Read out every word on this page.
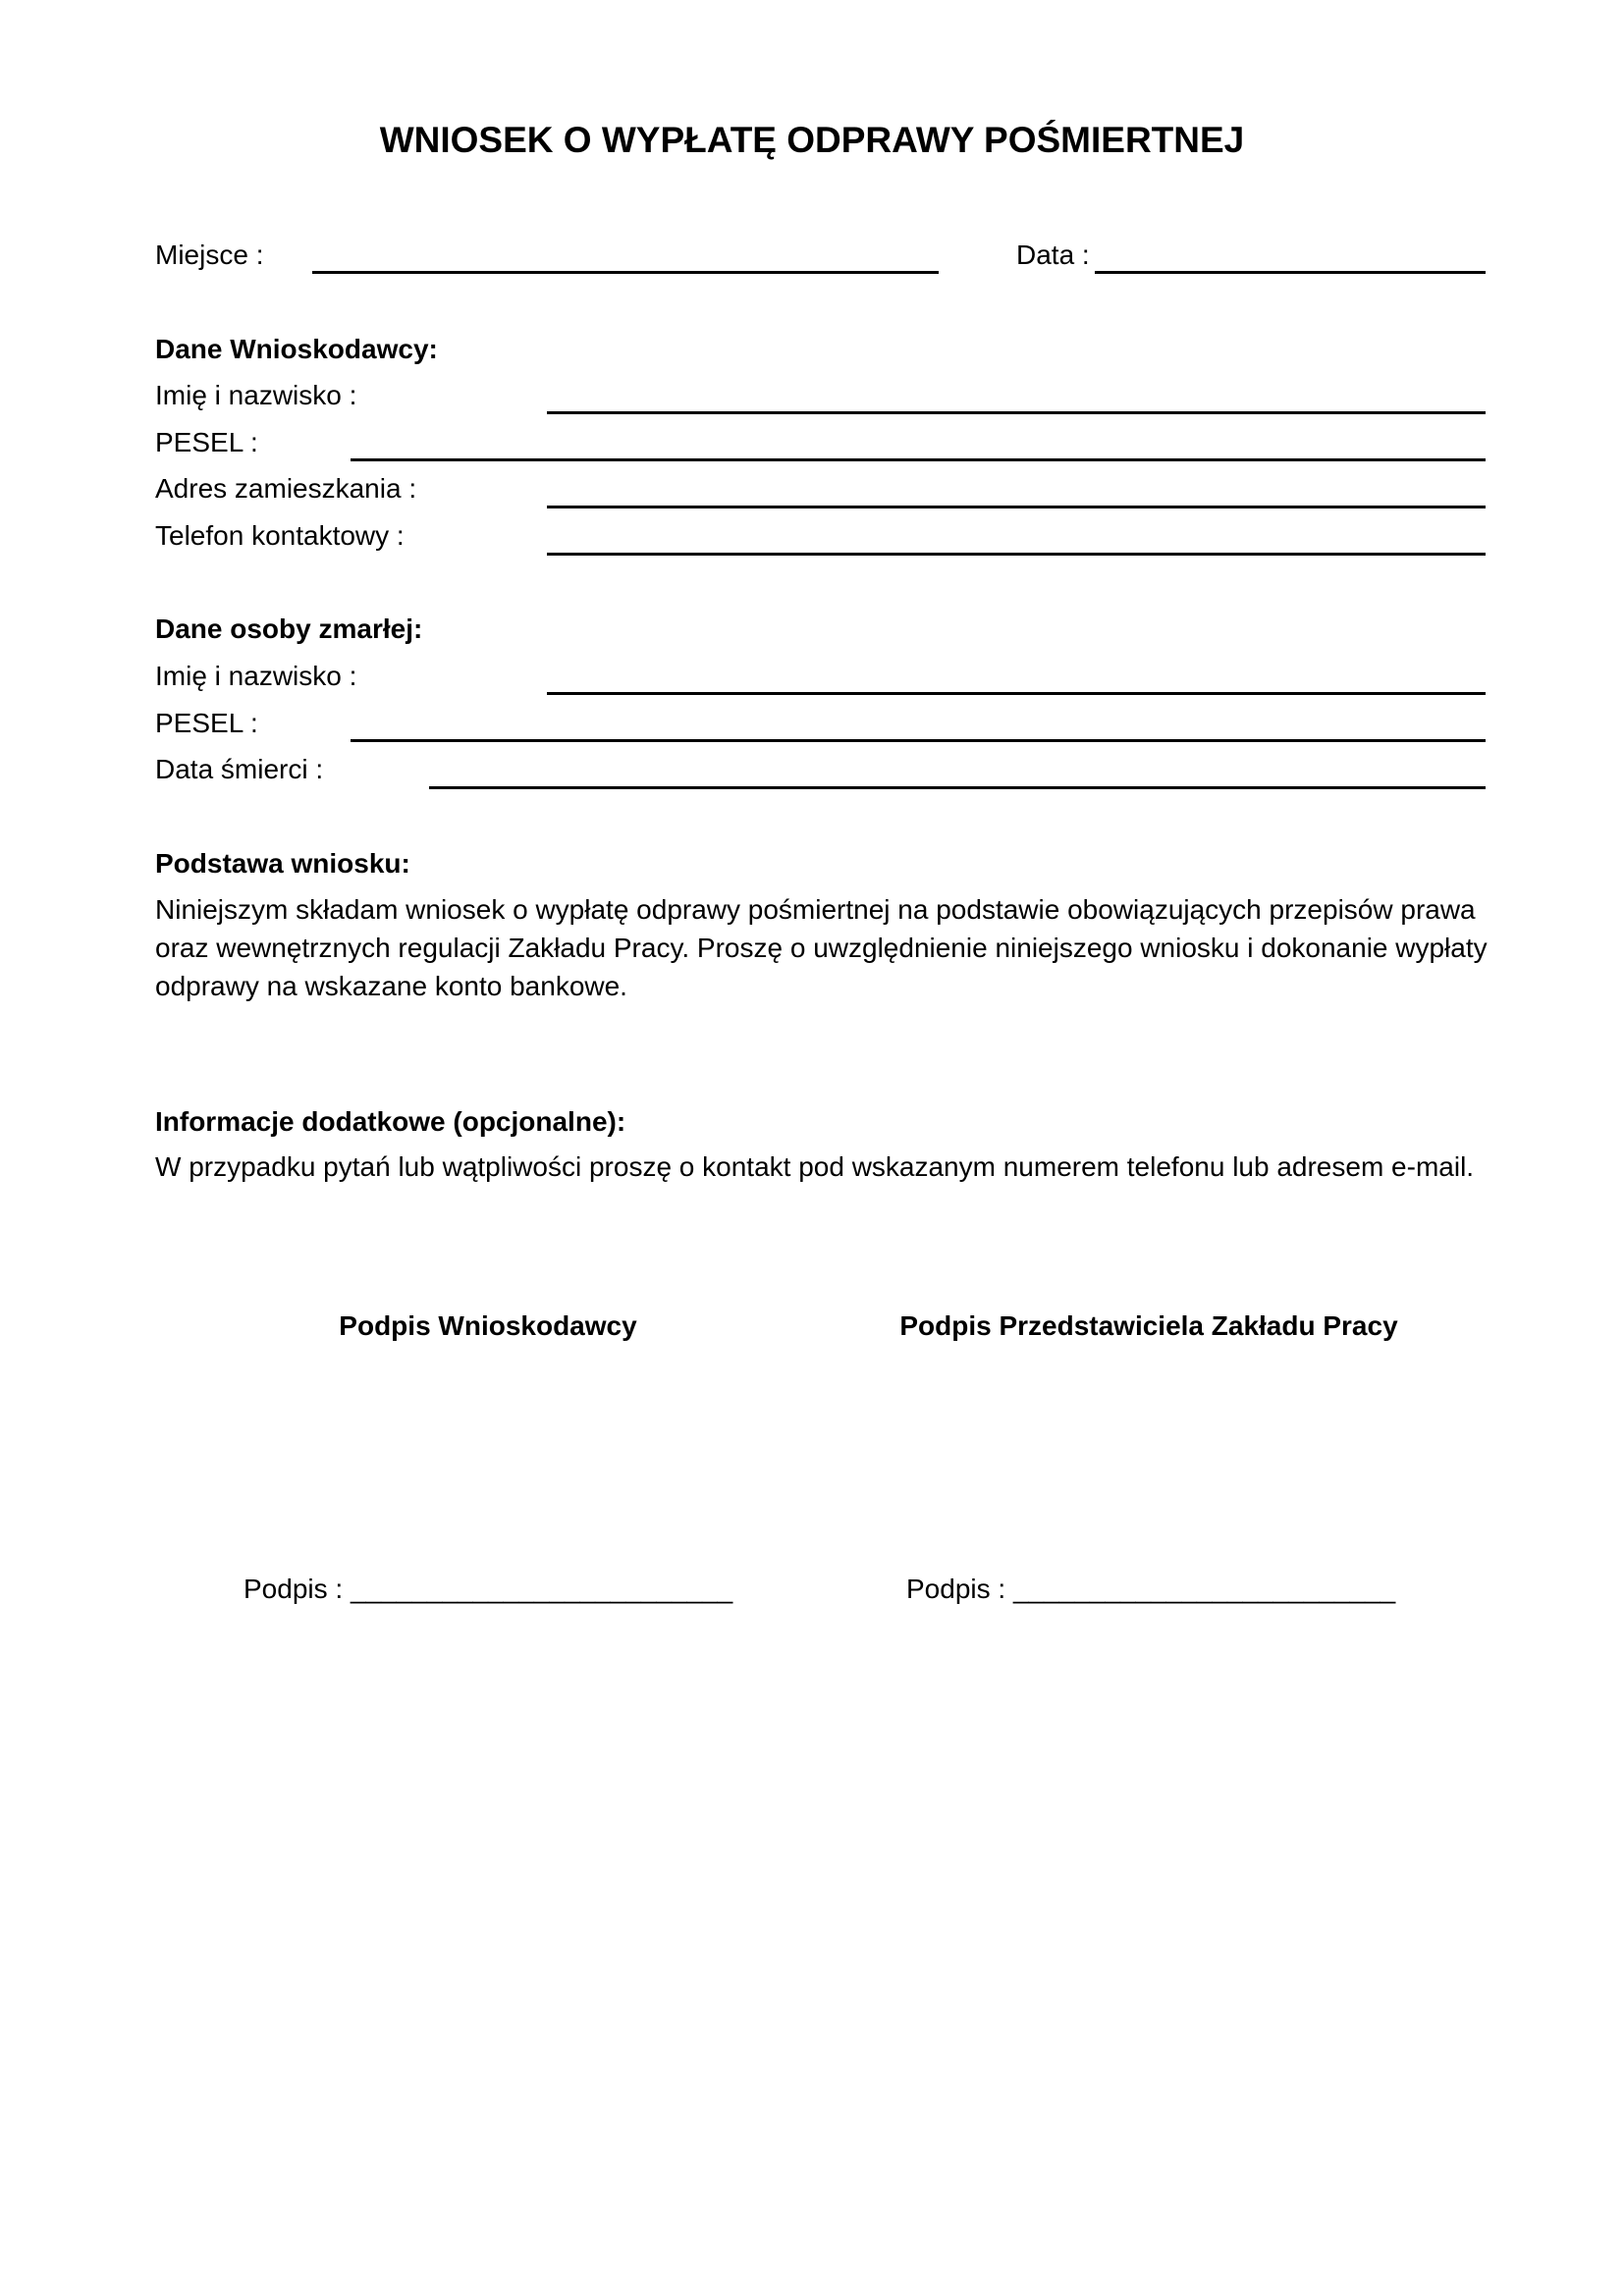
WNIOSEK O WYPŁATĘ ODPRAWY POŚMIERTNEJ
Miejsce :	Data :
Dane Wnioskodawcy:
Imię i nazwisko :
PESEL :
Adres zamieszkania :
Telefon kontaktowy :
Dane osoby zmarłej:
Imię i nazwisko :
PESEL :
Data śmierci :
Podstawa wniosku:
Niniejszym składam wniosek o wypłatę odprawy pośmiertnej na podstawie obowiązujących przepisów prawa oraz wewnętrznych regulacji Zakładu Pracy. Proszę o uwzględnienie niniejszego wniosku i dokonanie wypłaty odprawy na wskazane konto bankowe.
Informacje dodatkowe (opcjonalne):
W przypadku pytań lub wątpliwości proszę o kontakt pod wskazanym numerem telefonu lub adresem e-mail.
Podpis Wnioskodawcy	Podpis Przedstawiciela Zakładu Pracy
Podpis : _________________________	Podpis : _________________________
